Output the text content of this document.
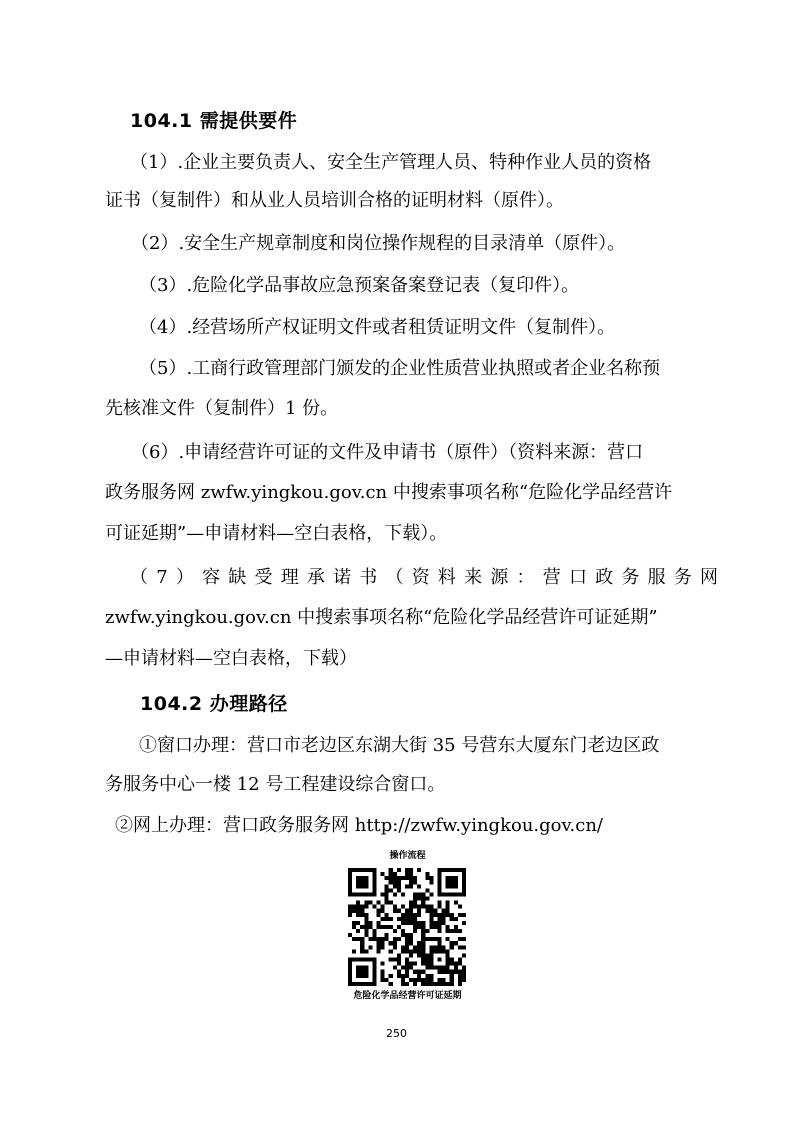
104.1 需提供要件
（1）.企业主要负责人、安全生产管理人员、特种作业人员的资格
证书（复制件）和从业人员培训合格的证明材料（原件）。
（2）.安全生产规章制度和岗位操作规程的目录清单（原件）。
（3）.危险化学品事故应急预案备案登记表（复印件）。
（4）.经营场所产权证明文件或者租赁证明文件（复制件）。
（5）.工商行政管理部门颁发的企业性质营业执照或者企业名称预
先核准文件（复制件）1 份。
（6）.申请经营许可证的文件及申请书（原件）（资料来源：营口
政务服务网 zwfw.yingkou.gov.cn 中搜索事项名称“危险化学品经营许
可证延期”—申请材料—空白表格，下载）。
（7）容缺受理承诺书（资料来源：营口政务服务网
zwfw.yingkou.gov.cn 中搜索事项名称“危险化学品经营许可证延期”
—申请材料—空白表格，下载）
104.2 办理路径
①窗口办理：营口市老边区东湖大街 35 号营东大厦东门老边区政
务服务中心一楼 12 号工程建设综合窗口。
②网上办理：营口政务服务网 http://zwfw.yingkou.gov.cn/
操作流程
危险化学品经营许可证延期
250
